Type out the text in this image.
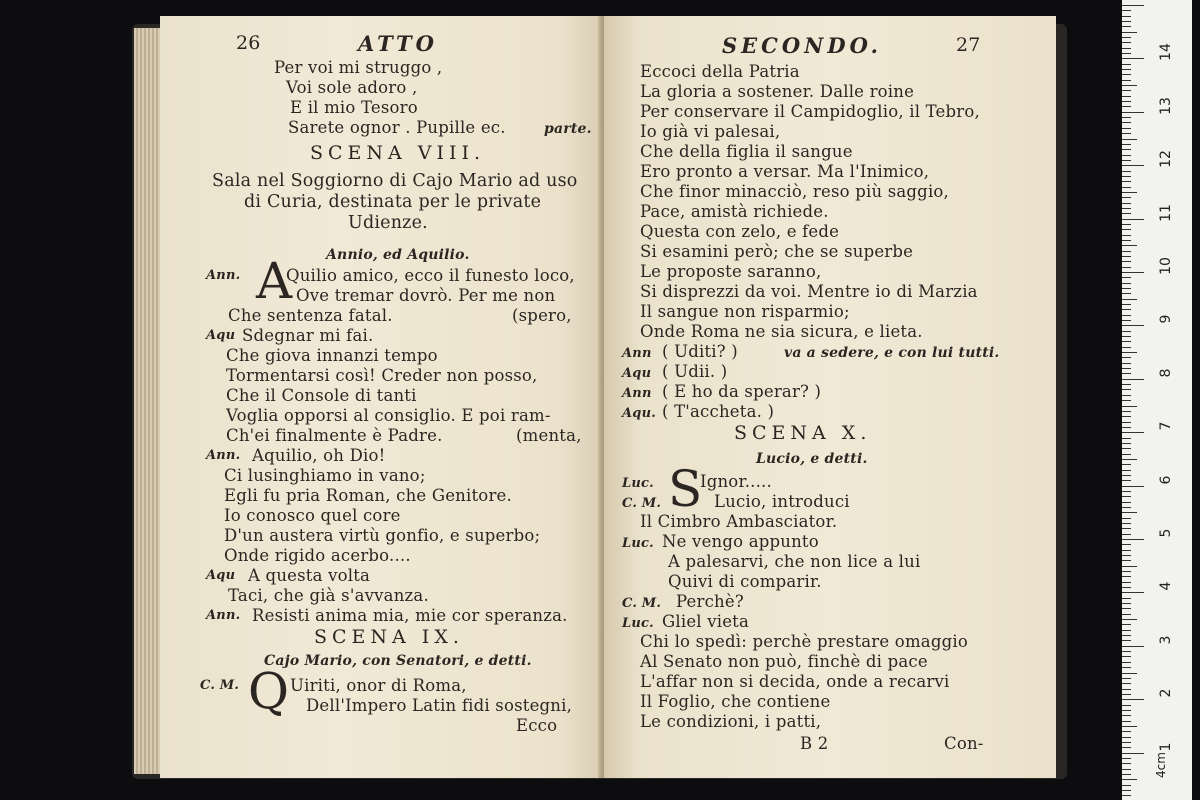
26	ATTO
Per voi mi struggo ,
Voi sole adoro ,
E il mio Tesoro
Sarete ognor . Pupille ec.	parte.
SCENA VIII.
Sala nel Soggiorno di Cajo Mario ad uso
di Curia, destinata per le private
Udienze.
Annio, ed Aquilio.
Ann. A
Quilio amico, ecco il funesto loco,
Ove tremar dovrò. Per me non
Che sentenza fatal.	(spero,
Aqu Sdegnar mi fai.
Che giova innanzi tempo
Tormentarsi così! Creder non posso,
Che il Console di tanti
Voglia opporsi al consiglio. E poi ram-
Ch'ei finalmente è Padre.	(menta,
Ann. Aquilio, oh Dio!
Ci lusinghiamo in vano;
Egli fu pria Roman, che Genitore.
Io conosco quel core
D'un austera virtù gonfio, e superbo;
Onde rigido acerbo....
Aqu A questa volta
Taci, che già s'avvanza.
Ann. Resisti anima mia, mie cor speranza.
SCENA IX.
Cajo Mario, con Senatori, e detti.
C. M. Q Uiriti, onor di Roma,
Dell'Impero Latin fidi sostegni,
Ecco
SECONDO.	27
Eccoci della Patria
La gloria a sostener. Dalle roine
Per conservare il Campidoglio, il Tebro,
Io già vi palesai,
Che della figlia il sangue
Ero pronto a versar. Ma l'Inimico,
Che finor minacciò, reso più saggio,
Pace, amistà richiede.
Questa con zelo, e fede
Si esamini però; che se superbe
Le proposte saranno,
Si disprezzi da voi. Mentre io di Marzia
Il sangue non risparmio;
Onde Roma ne sia sicura, e lieta.
Ann ( Uditi? )	va a sedere, e con lui tutti.
Aqu ( Udii. )
Ann ( E ho da sperar? )
Aqu. ( T'accheta. )
SCENA X.
Lucio, e detti.
Luc. S
Ignor.....
C. M.	Lucio, introduci
Il Cimbro Ambasciator.
Luc. Ne vengo appunto
A palesarvi, che non lice a lui
Quivi di comparir.
C. M. Perchè?
Luc. Gliel vieta
Chi lo spedì: perchè prestare omaggio
Al Senato non può, finchè di pace
L'affar non si decida, onde a recarvi
Il Foglio, che contiene
Le condizioni, i patti,
B 2	Con-
4cm
1
2
3
4
5
6
7
8
9
10
11
12
13
14
